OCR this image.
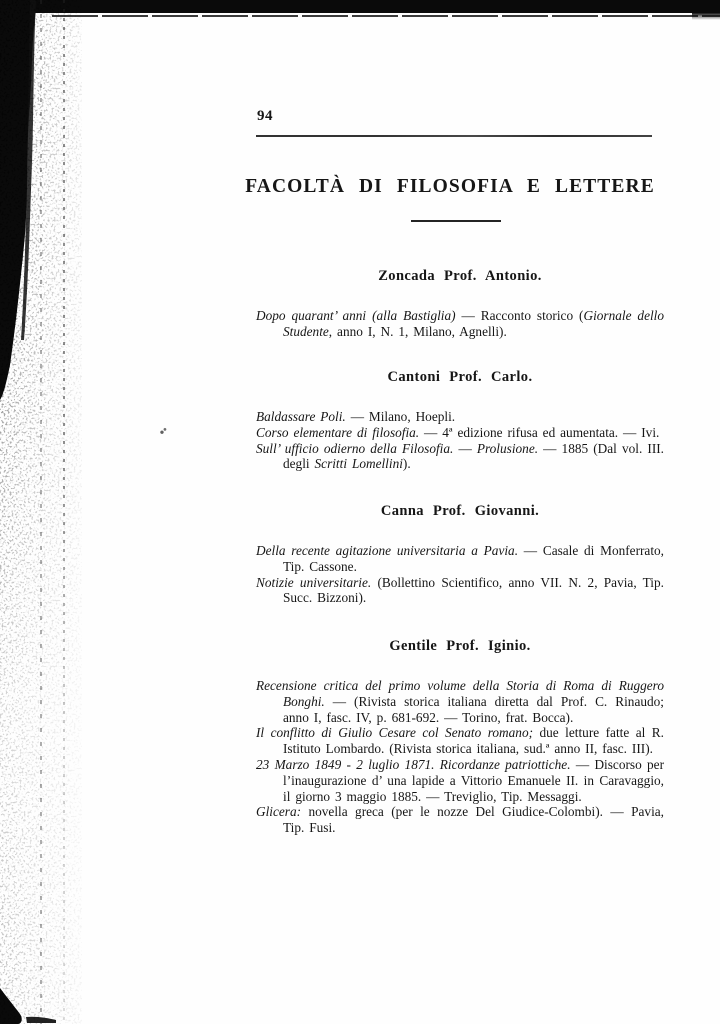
94
FACOLTÀ DI FILOSOFIA E LETTERE
Zoncada Prof. Antonio.

Dopo quarant’ anni (alla Bastiglia) — Racconto storico (Giornale dello Studente, anno I, N. 1, Milano, Agnelli).

Cantoni Prof. Carlo.

Baldassare Poli. — Milano, Hoepli.

Corso elementare di filosofia. — 4ª edizione rifusa ed aumentata. — Ivi.

Sull’ ufficio odierno della Filosofia. — Prolusione. — 1885 (Dal vol. III. degli Scritti Lomellini).

Canna Prof. Giovanni.

Della recente agitazione universitaria a Pavia. — Casale di Monferrato, Tip. Cassone.

Notizie universitarie. (Bollettino Scientifico, anno VII. N. 2, Pavia, Tip. Succ. Bizzoni).

Gentile Prof. Iginio.

Recensione critica del primo volume della Storia di Roma di Ruggero Bonghi. — (Rivista storica italiana diretta dal Prof. C. Rinaudo; anno I, fasc. IV, p. 681-692. — Torino, frat. Bocca).

Il conflitto di Giulio Cesare col Senato romano; due letture fatte al R. Istituto Lombardo. (Rivista storica italiana, sud.ª anno II, fasc. III).

23 Marzo 1849 - 2 luglio 1871. Ricordanze patriottiche. — Discorso per l’inaugurazione d’ una lapide a Vittorio Emanuele II. in Caravaggio, il giorno 3 maggio 1885. — Treviglio, Tip. Messaggi.

Glicera: novella greca (per le nozze Del Giudice-Colombi). — Pavia, Tip. Fusi.
